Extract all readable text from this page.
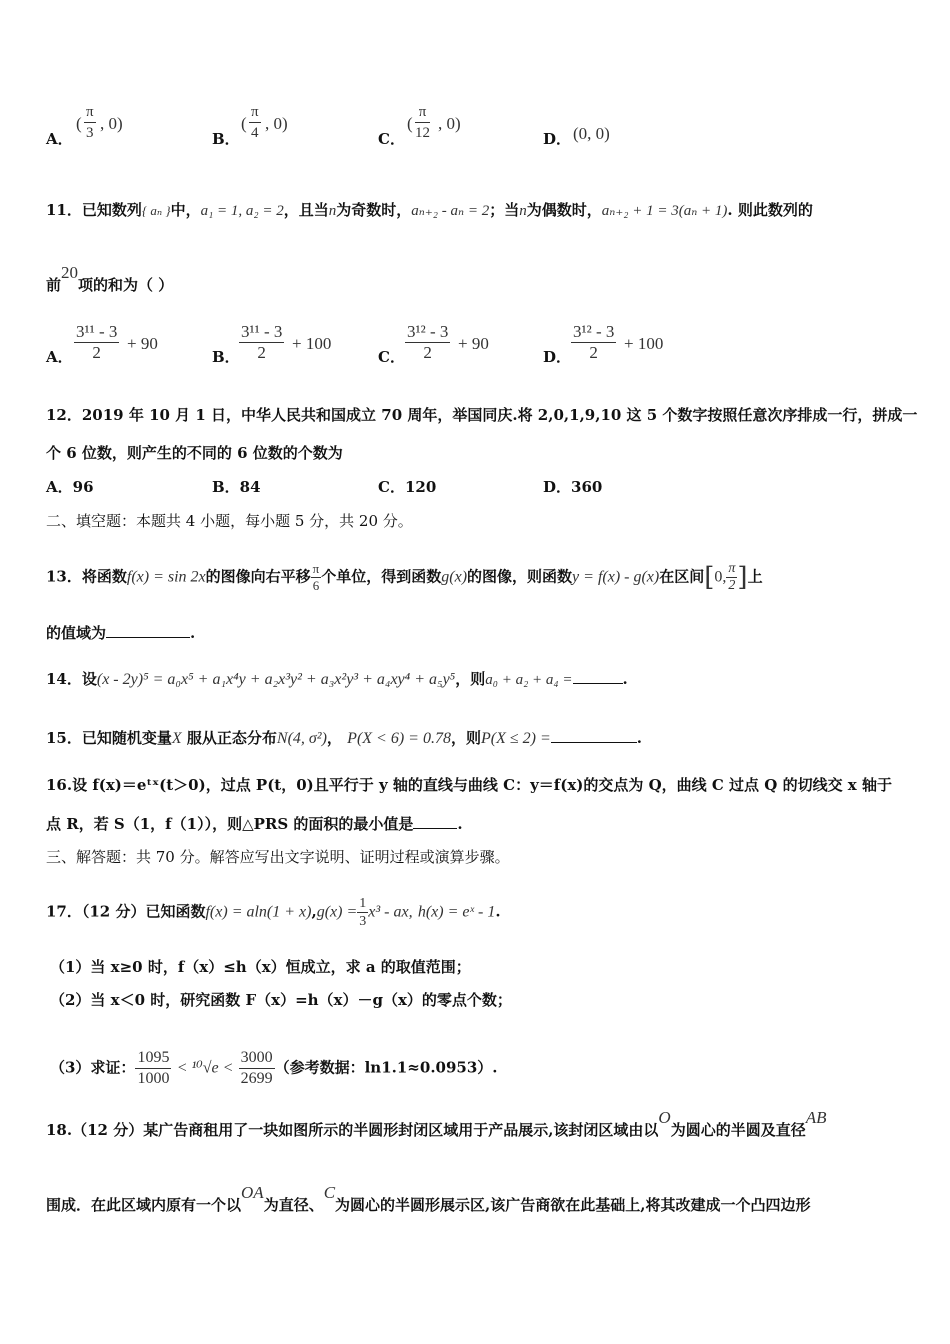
A．
( $\frac{\pi}{3}$ , 0)
B．
( $\frac{\pi}{4}$ , 0)
C．
( $\frac{\pi}{12}$ , 0)
D． (0, 0)
11．已知数列{ aₙ }中，a₁ = 1, a₂ = 2，且当n为奇数时，aₙ₊₂ - aₙ = 2；当n为偶数时，aₙ₊₂ + 1 = 3(aₙ + 1). 则此数列的
前20项的和为（ ）
A． $\frac{\text{3¹¹ - 3}}{2} + 90$
B． $\frac{\text{3¹¹ - 3}}{2} + 100$
C． $\frac{\text{3¹² - 3}}{2} + 90$
D． $\frac{\text{3¹² - 3}}{2} + 100$
12．2019 年 10 月 1 日，中华人民共和国成立 70 周年，举国同庆.将 2,0,1,9,10 这 5 个数字按照任意次序排成一行，拼成一
个 6 位数，则产生的不同的 6 位数的个数为
A．96	B．84	C．120	D．360
二、填空题：本题共 4 小题，每小题 5 分，共 20 分。
13．将函数f(x) = sin 2x的图像向右平移 $\frac{\pi}{6}$ 个单位，得到函数g(x)的图像，则函数y = f(x) - g(x)在区间[0, $\frac{\pi}{2}$ ]上
的值域为	.
14．设(x - 2y)⁵ = a₀x⁵ + a₁x⁴y + a₂x³y² + a₃x²y³ + a₄xy⁴ + a₅y⁵，则a₀ + a₂ + a₄ =	.
15．已知随机变量X 服从正态分布N(4, σ²)， P(X < 6) = 0.78，则P(X ≤ 2) =	.
16.设 f(x)＝eᵗˣ(t＞0)，过点 P(t，0)且平行于 y 轴的直线与曲线 C：y＝f(x)的交点为 Q，曲线 C 过点 Q 的切线交 x 轴于
点 R，若 S（1，f（1）），则△PRS 的面积的最小值是	.
三、解答题：共 70 分。解答应写出文字说明、证明过程或演算步骤。
17．（12 分）已知函数$f(x) = aln(1 + x),g(x) = \frac{1}{3} x^3$ - ax, h(x) = eˣ - 1.
（1）当 x≥0 时，f（x）≤h（x）恒成立，求 a 的取值范围；
（2）当 x＜0 时，研究函数 F（x）=h（x）－g（x）的零点个数；
（3）求证： $\frac{1095}{1000} < ^{10}√e < \frac{3000}{2699}$ （参考数据：ln1.1≈0.0953）.
18.（12 分）某广告商租用了一块如图所示的半圆形封闭区域用于产品展示,该封闭区域由以O为圆心的半圆及直径AB
围成．在此区域内原有一个以OA为直径、C为圆心的半圆形展示区,该广告商欲在此基础上,将其改建成一个凸四边形
